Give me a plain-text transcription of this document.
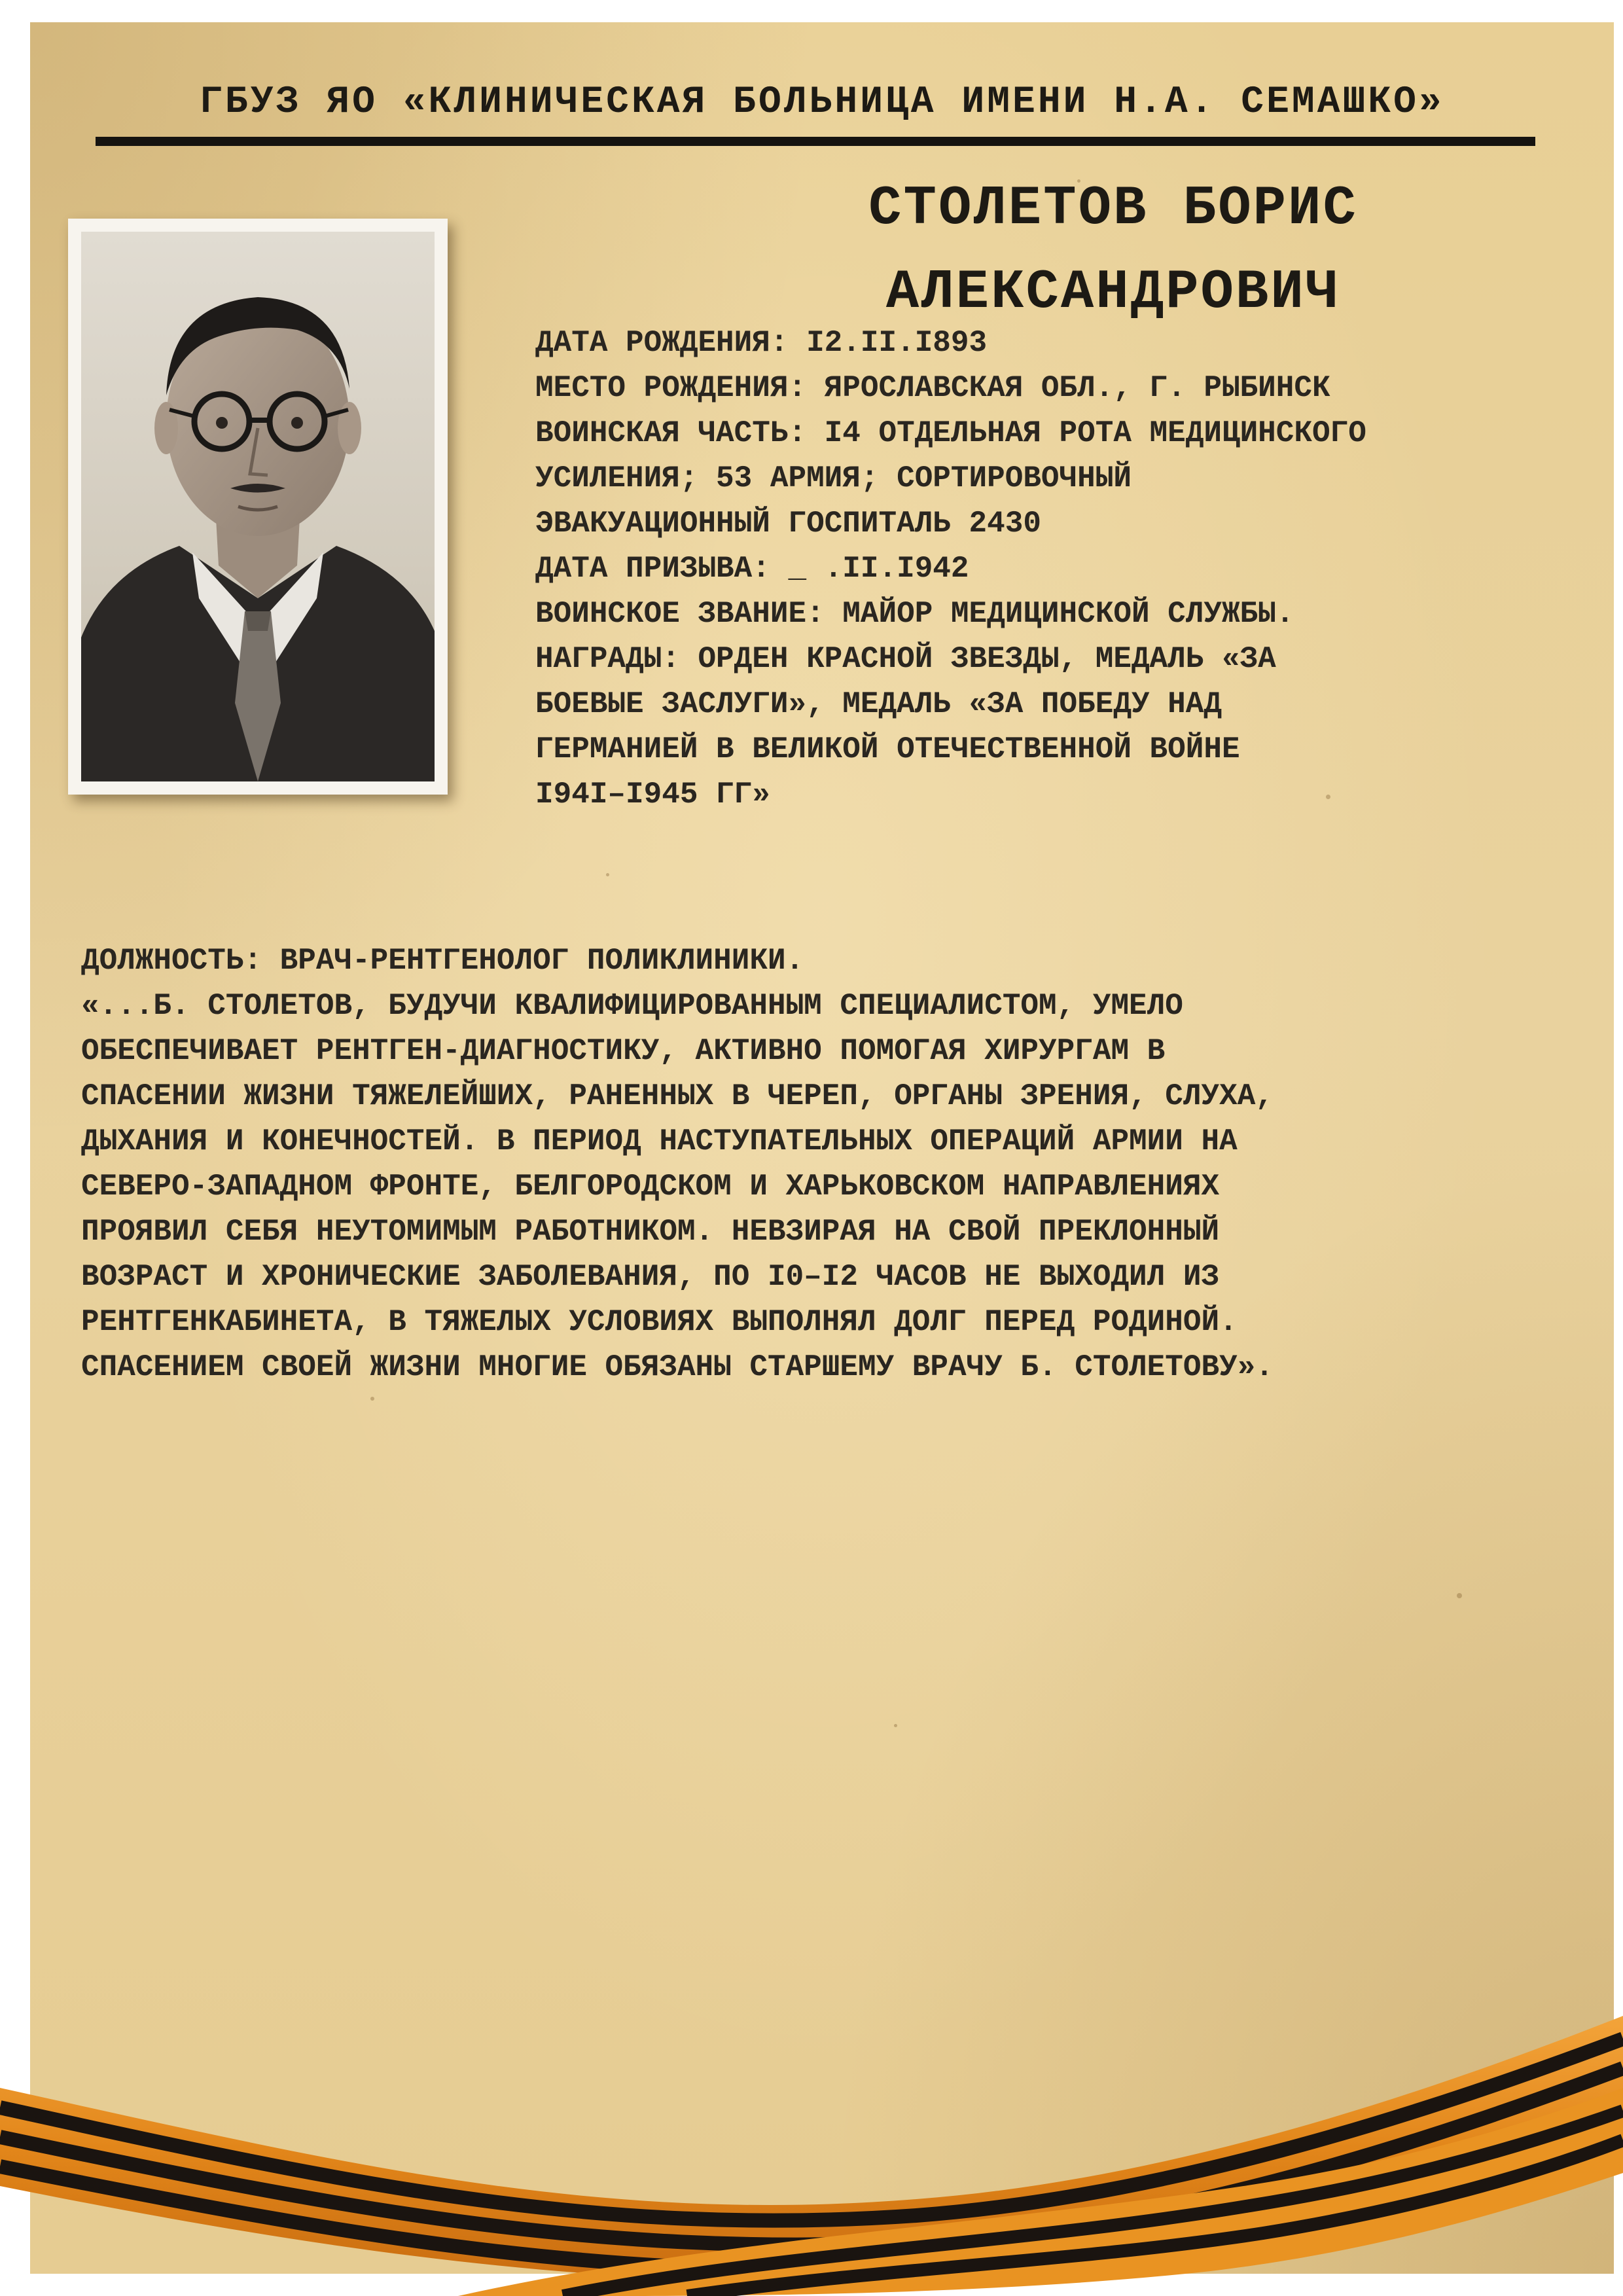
ГБУЗ ЯО «КЛИНИЧЕСКАЯ БОЛЬНИЦА ИМЕНИ Н.А. СЕМАШКО»
СТОЛЕТОВ БОРИС
АЛЕКСАНДРОВИЧ
ДАТА РОЖДЕНИЯ: I2.II.I893
МЕСТО РОЖДЕНИЯ: ЯРОСЛАВСКАЯ ОБЛ., Г. РЫБИНСК
ВОИНСКАЯ ЧАСТЬ: I4 ОТДЕЛЬНАЯ РОТА МЕДИЦИНСКОГО
УСИЛЕНИЯ; 53 АРМИЯ; СОРТИРОВОЧНЫЙ
ЭВАКУАЦИОННЫЙ ГОСПИТАЛЬ 2430
ДАТА ПРИЗЫВА: _ .II.I942
ВОИНСКОЕ ЗВАНИЕ: МАЙОР МЕДИЦИНСКОЙ СЛУЖБЫ.
НАГРАДЫ: ОРДЕН КРАСНОЙ ЗВЕЗДЫ, МЕДАЛЬ «ЗА
БОЕВЫЕ ЗАСЛУГИ», МЕДАЛЬ «ЗА ПОБЕДУ НАД
ГЕРМАНИЕЙ В ВЕЛИКОЙ ОТЕЧЕСТВЕННОЙ ВОЙНЕ
I94I–I945 ГГ»
ДОЛЖНОСТЬ: ВРАЧ-РЕНТГЕНОЛОГ ПОЛИКЛИНИКИ.
«...Б. СТОЛЕТОВ, БУДУЧИ КВАЛИФИЦИРОВАННЫМ СПЕЦИАЛИСТОМ, УМЕЛО
ОБЕСПЕЧИВАЕТ РЕНТГЕН-ДИАГНОСТИКУ, АКТИВНО ПОМОГАЯ ХИРУРГАМ В
СПАСЕНИИ ЖИЗНИ ТЯЖЕЛЕЙШИХ, РАНЕННЫХ В ЧЕРЕП, ОРГАНЫ ЗРЕНИЯ, СЛУХА,
ДЫХАНИЯ И КОНЕЧНОСТЕЙ. В ПЕРИОД НАСТУПАТЕЛЬНЫХ ОПЕРАЦИЙ АРМИИ НА
СЕВЕРО-ЗАПАДНОМ ФРОНТЕ, БЕЛГОРОДСКОМ И ХАРЬКОВСКОМ НАПРАВЛЕНИЯХ
ПРОЯВИЛ СЕБЯ НЕУТОМИМЫМ РАБОТНИКОМ. НЕВЗИРАЯ НА СВОЙ ПРЕКЛОННЫЙ
ВОЗРАСТ И ХРОНИЧЕСКИЕ ЗАБОЛЕВАНИЯ, ПО I0–I2 ЧАСОВ НЕ ВЫХОДИЛ ИЗ
РЕНТГЕНКАБИНЕТА, В ТЯЖЕЛЫХ УСЛОВИЯХ ВЫПОЛНЯЛ ДОЛГ ПЕРЕД РОДИНОЙ.
СПАСЕНИЕМ СВОЕЙ ЖИЗНИ МНОГИЕ ОБЯЗАНЫ СТАРШЕМУ ВРАЧУ Б. СТОЛЕТОВУ».
